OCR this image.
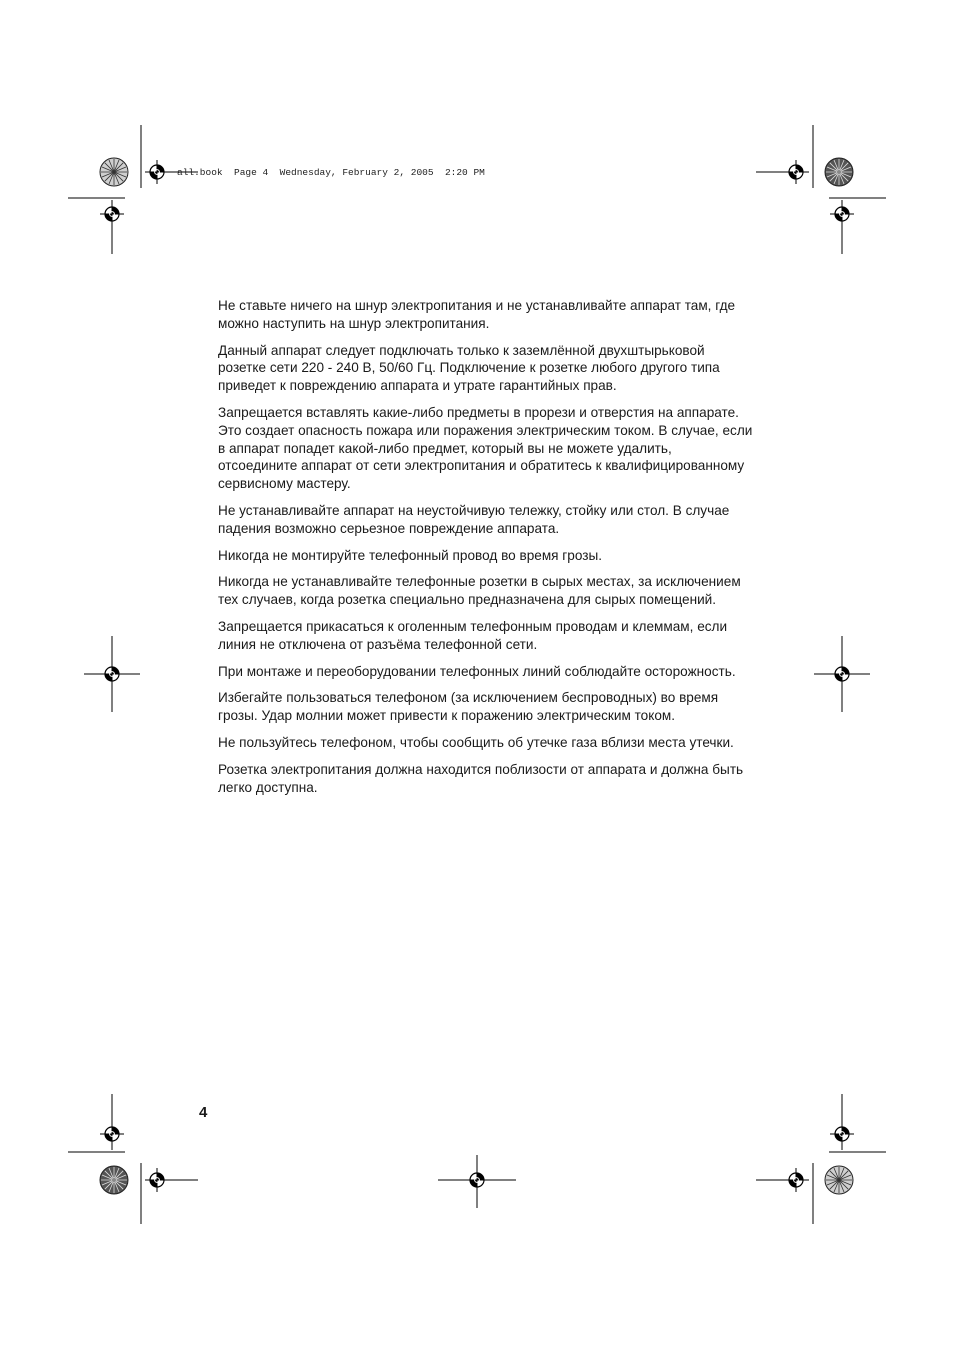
all.book  Page 4  Wednesday, February 2, 2005  2:20 PM

Не ставьте ничего на шнур электропитания и не устанавливайте аппарат там, где можно наступить на шнур электропитания.

Данный аппарат следует подключать только к заземлённой двухштырьковой розетке сети 220 - 240 В, 50/60 Гц. Подключение к розетке любого другого типа приведет к повреждению аппарата и утрате гарантийных прав.

Запрещается вставлять какие-либо предметы в прорези и отверстия на аппарате. Это создает опасность пожара или поражения электрическим током. В случае, если в аппарат попадет какой-либо предмет, который вы не можете удалить, отсоедините аппарат от сети электропитания и обратитесь к квалифицированному сервисному мастеру.

Не устанавливайте аппарат на неустойчивую тележку, стойку или стол. В случае падения возможно серьезное повреждение аппарата.

Никогда не монтируйте телефонный провод во время грозы.

Никогда не устанавливайте телефонные розетки в сырых местах, за исключением тех случаев, когда розетка специально предназначена для сырых помещений.

Запрещается прикасаться к оголенным телефонным проводам и клеммам, если линия не отключена от разъёма телефонной сети.

При монтаже и переоборудовании телефонных линий соблюдайте осторожность.

Избегайте пользоваться телефоном (за исключением беспроводных) во время грозы. Удар молнии может привести к поражению электрическим током.

Не пользуйтесь телефоном, чтобы сообщить об утечке газа вблизи места утечки.

Розетка электропитания должна находится поблизости от аппарата и должна быть легко доступна.

4
